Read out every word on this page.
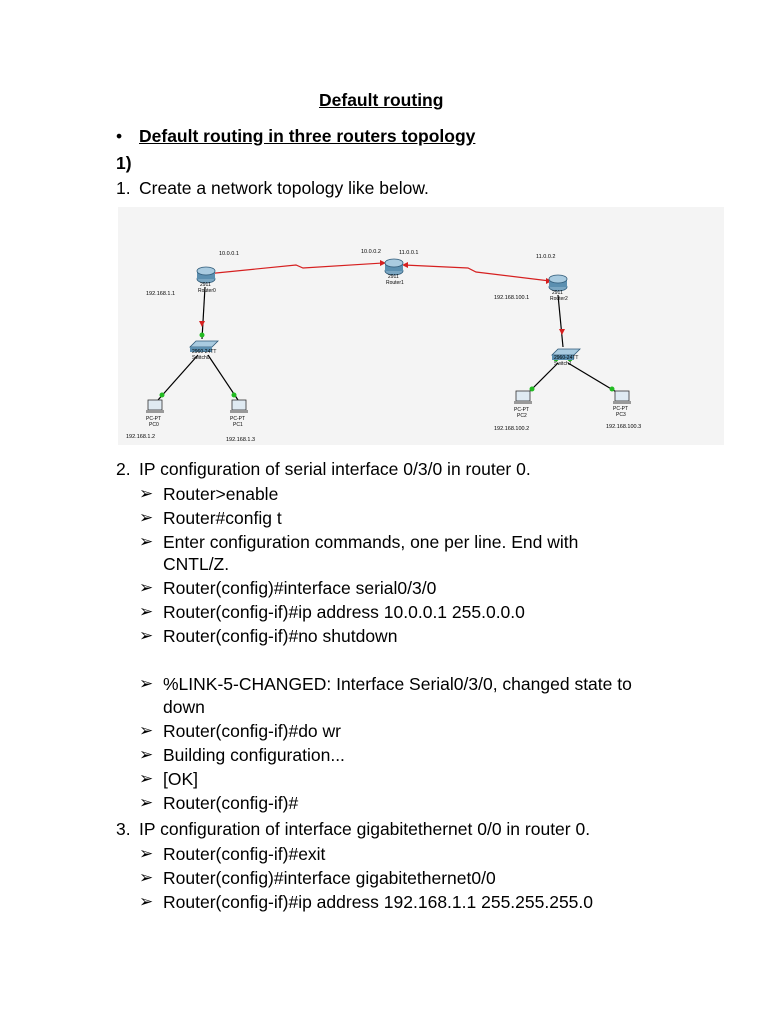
Default routing
• Default routing in three routers topology
1)
1. Create a network topology like below.
10.0.0.1	10.0.0.2	11.0.0.1
11.0.0.2
192.168.1.1
192.168.100.1
192.168.1.2	192.168.1.3
192.168.100.2	192.168.100.3
2911
Router0
2911
Router1
2911
Router2
2960-24TT
Switch0	2960-24TT
Switch1
PC-PT
PC0
PC-PT
PC1
PC-PT
PC2
PC-PT
PC3
2. IP configuration of serial interface 0/3/0 in router 0.
➢ Router>enable
➢ Router#config t
➢ Enter configuration commands, one per line. End with
CNTL/Z.
➢ Router(config)#interface serial0/3/0
➢ Router(config-if)#ip address 10.0.0.1 255.0.0.0
➢ Router(config-if)#no shutdown
➢ %LINK-5-CHANGED: Interface Serial0/3/0, changed state to
down
➢ Router(config-if)#do wr
➢ Building configuration...
➢ [OK]
➢ Router(config-if)#
3. IP configuration of interface gigabitethernet 0/0 in router 0.
➢ Router(config-if)#exit
➢ Router(config)#interface gigabitethernet0/0
➢ Router(config-if)#ip address 192.168.1.1 255.255.255.0
